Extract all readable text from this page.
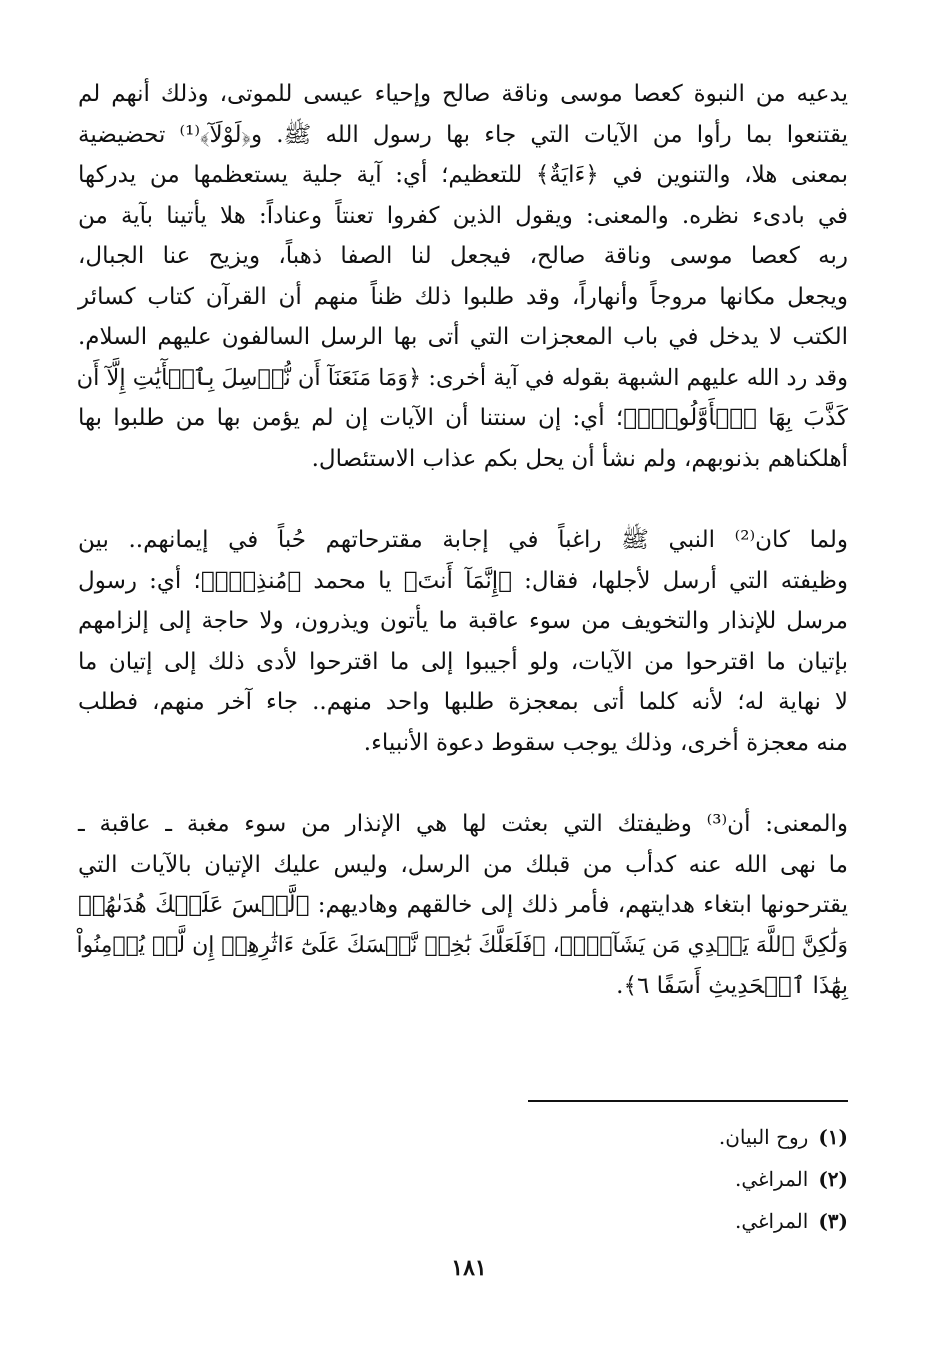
يدعيه من النبوة كعصا موسى وناقة صالح وإحياء عيسى للموتى، وذلك أنهم لم
يقتنعوا بما رأوا من الآيات التي جاء بها رسول الله ﷺ. و﴿لَوْلَآ﴾⁽¹⁾ تحضيضية
بمعنى هلا، والتنوين في ﴿ءَايَةٌ﴾ للتعظيم؛ أي: آية جلية يستعظمها من يدركها
في بادىء نظره. والمعنى: ويقول الذين كفروا تعنتاً وعناداً: هلا يأتينا بآية من
ربه كعصا موسى وناقة صالح، فيجعل لنا الصفا ذهباً، ويزيح عنا الجبال،
ويجعل مكانها مروجاً وأنهاراً، وقد طلبوا ذلك ظناً منهم أن القرآن كتاب كسائر
الكتب لا يدخل في باب المعجزات التي أتى بها الرسل السالفون عليهم السلام.
وقد رد الله عليهم الشبهة بقوله في آية أخرى: ﴿وَمَا مَنَعَنَآ أَن نُّرۡسِلَ بِٱلۡأٓيَٰتِ إِلَّآ أَن
كَذَّبَ بِهَا ٱلۡأَوَّلُونَۚ﴾؛ أي: إن سنتنا أن الآيات إن لم يؤمن بها من طلبوا بها
أهلكناهم بذنوبهم، ولم نشأ أن يحل بكم عذاب الاستئصال.

ولما كان⁽²⁾ النبي ﷺ راغباً في إجابة مقترحاتهم حُباً في إيمانهم.. بين
وظيفته التي أرسل لأجلها، فقال: ﴿إِنَّمَآ أَنتَ﴾ يا محمد ﴿مُنذِرٞۖ﴾؛ أي: رسول
مرسل للإنذار والتخويف من سوء عاقبة ما يأتون ويذرون، ولا حاجة إلى إلزامهم
بإتيان ما اقترحوا من الآيات، ولو أجيبوا إلى ما اقترحوا لأدى ذلك إلى إتيان ما
لا نهاية له؛ لأنه كلما أتى بمعجزة طلبها واحد منهم.. جاء آخر منهم، فطلب
منه معجزة أخرى، وذلك يوجب سقوط دعوة الأنبياء.

والمعنى: أن⁽³⁾ وظيفتك التي بعثت لها هي الإنذار من سوء مغبة ـ عاقبة ـ
ما نهى الله عنه كدأب من قبلك من الرسل، وليس عليك الإتيان بالآيات التي
يقترحونها ابتغاء هدايتهم، فأمر ذلك إلى خالقهم وهاديهم: ﴿لَّيۡسَ عَلَيۡكَ هُدَىٰهُمۡ
وَلَٰكِنَّ ٱللَّهَ يَهۡدِي مَن يَشَآءُۗ﴾، ﴿فَلَعَلَّكَ بَٰخِعٞ نَّفۡسَكَ عَلَىٰٓ ءَاثَٰرِهِمۡ إِن لَّمۡ يُؤۡمِنُواْ
بِهَٰذَا ٱلۡحَدِيثِ أَسَفًا ٦﴾.

(١)روح البيان.
(٢)المراغي.
(٣)المراغي.
١٨١
